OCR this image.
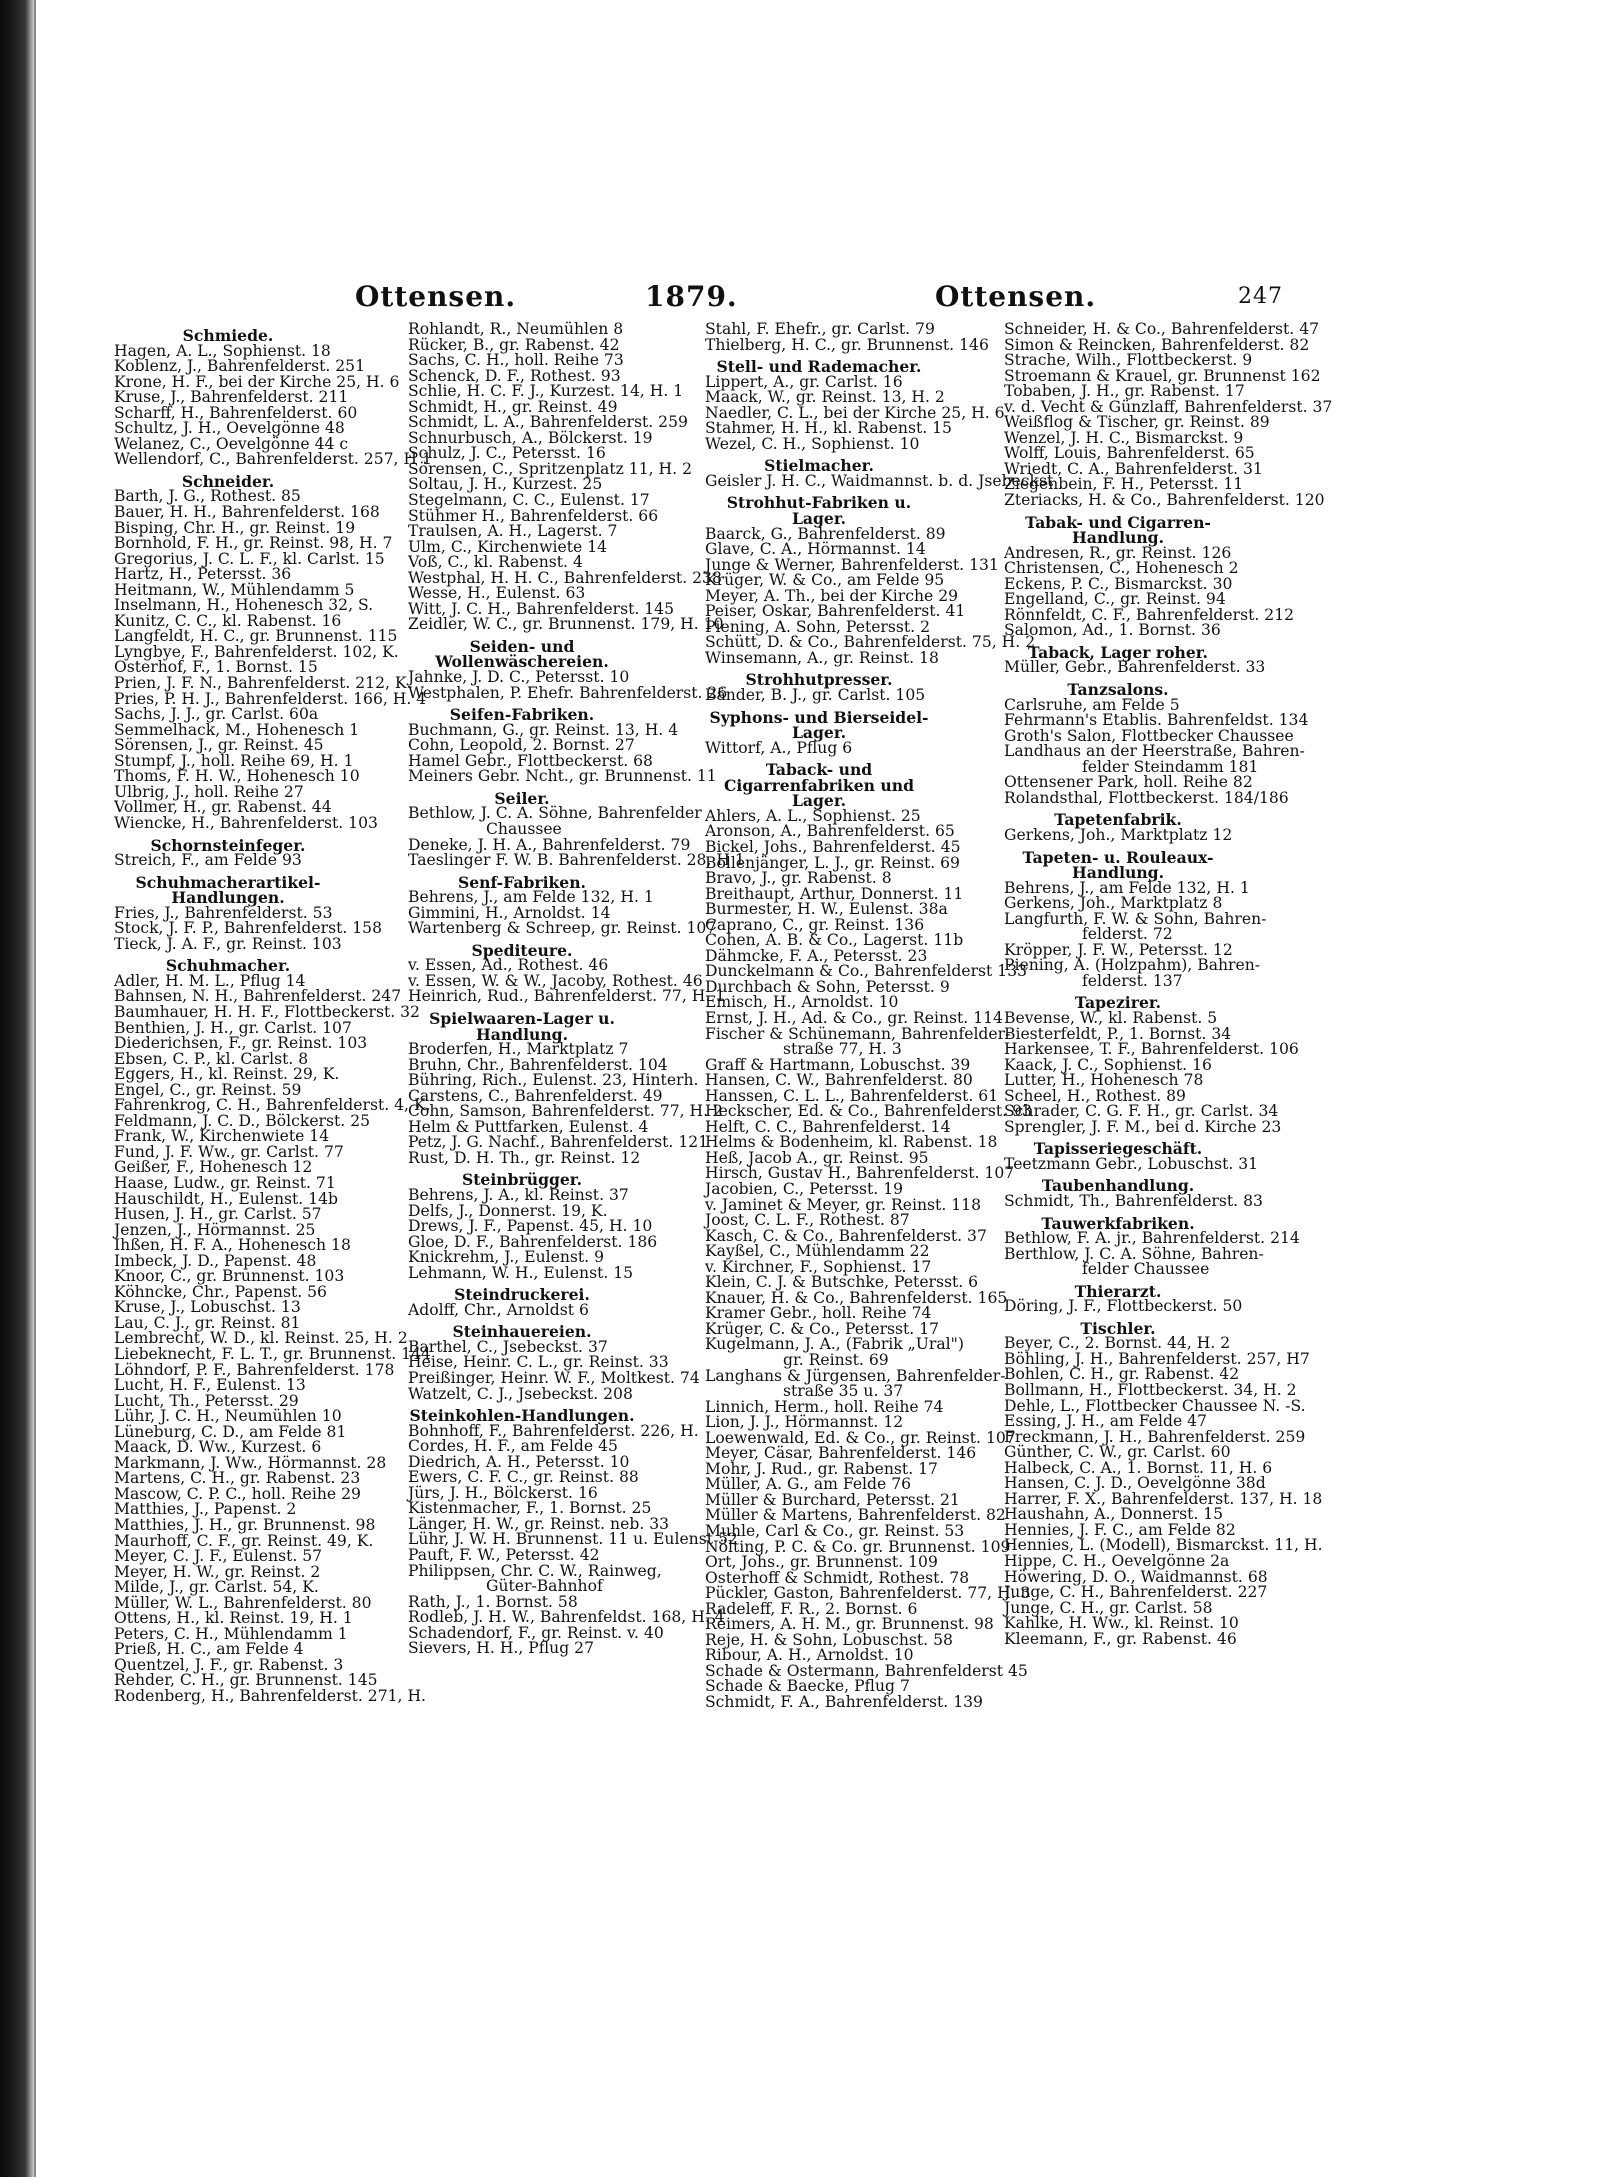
Ottensen.	1879.	Ottensen.	247
Schmiede.
Hagen, A. L., Sophienst. 18
Koblenz, J., Bahrenfelderst. 251
Krone, H. F., bei der Kirche 25, H. 6
Kruse, J., Bahrenfelderst. 211
Scharff, H., Bahrenfelderst. 60
Schultz, J. H., Oevelgönne 48
Welanez, C., Oevelgönne 44 c
Wellendorf, C., Bahrenfelderst. 257, H 1
Schneider.
Barth, J. G., Rothest. 85
Bauer, H. H., Bahrenfelderst. 168
Bisping, Chr. H., gr. Reinst. 19
Bornhold, F. H., gr. Reinst. 98, H. 7
Gregorius, J. C. L. F., kl. Carlst. 15
Hartz, H., Petersst. 36
Heitmann, W., Mühlendamm 5
Inselmann, H., Hohenesch 32, S.
Kunitz, C. C., kl. Rabenst. 16
Langfeldt, H. C., gr. Brunnenst. 115
Lyngbye, F., Bahrenfelderst. 102, K.
Osterhof, F., 1. Bornst. 15
Prien, J. F. N., Bahrenfelderst. 212, K.
Pries, P. H. J., Bahrenfelderst. 166, H. 4
Sachs, J. J., gr. Carlst. 60a
Semmelhack, M., Hohenesch 1
Sörensen, J., gr. Reinst. 45
Stumpf, J., holl. Reihe 69, H. 1
Thoms, F. H. W., Hohenesch 10
Ulbrig, J., holl. Reihe 27
Vollmer, H., gr. Rabenst. 44
Wiencke, H., Bahrenfelderst. 103
Schornsteinfeger.
Streich, F., am Felde 93
Schuhmacherartikel-Handlungen.
Fries, J., Bahrenfelderst. 53
Stock, J. F. P., Bahrenfelderst. 158
Tieck, J. A. F., gr. Reinst. 103
Schuhmacher.
Adler, H. M. L., Pflug 14
Bahnsen, N. H., Bahrenfelderst. 247
Baumhauer, H. H. F., Flottbeckerst. 32
Benthien, J. H., gr. Carlst. 107
Diederichsen, F., gr. Reinst. 103
Ebsen, C. P., kl. Carlst. 8
Eggers, H., kl. Reinst. 29, K.
Engel, C., gr. Reinst. 59
Fahrenkrog, C. H., Bahrenfelderst. 4, K.
Feldmann, J. C. D., Bölckerst. 25
Frank, W., Kirchenwiete 14
Fund, J. F. Ww., gr. Carlst. 77
Geißer, F., Hohenesch 12
Haase, Ludw., gr. Reinst. 71
Hauschildt, H., Eulenst. 14b
Husen, J. H., gr. Carlst. 57
Jenzen, J., Hörmannst. 25
Ihßen, H. F. A., Hohenesch 18
Imbeck, J. D., Papenst. 48
Knoor, C., gr. Brunnenst. 103
Köhncke, Chr., Papenst. 56
Kruse, J., Lobuschst. 13
Lau, C. J., gr. Reinst. 81
Lembrecht, W. D., kl. Reinst. 25, H. 2
Liebeknecht, F. L. T., gr. Brunnenst. 144
Löhndorf, P. F., Bahrenfelderst. 178
Lucht, H. F., Eulenst. 13
Lucht, Th., Petersst. 29
Lühr, J. C. H., Neumühlen 10
Lüneburg, C. D., am Felde 81
Maack, D. Ww., Kurzest. 6
Markmann, J. Ww., Hörmannst. 28
Martens, C. H., gr. Rabenst. 23
Mascow, C. P. C., holl. Reihe 29
Matthies, J., Papenst. 2
Matthies, J. H., gr. Brunnenst. 98
Maurhoff, C. F., gr. Reinst. 49, K.
Meyer, C. J. F., Eulenst. 57
Meyer, H. W., gr. Reinst. 2
Milde, J., gr. Carlst. 54, K.
Müller, W. L., Bahrenfelderst. 80
Ottens, H., kl. Reinst. 19, H. 1
Peters, C. H., Mühlendamm 1
Prieß, H. C., am Felde 4
Quentzel, J. F., gr. Rabenst. 3
Rehder, C. H., gr. Brunnenst. 145
Rodenberg, H., Bahrenfelderst. 271, H.
Rohlandt, R., Neumühlen 8
Rücker, B., gr. Rabenst. 42
Sachs, C. H., holl. Reihe 73
Schenck, D. F., Rothest. 93
Schlie, H. C. F. J., Kurzest. 14, H. 1
Schmidt, H., gr. Reinst. 49
Schmidt, L. A., Bahrenfelderst. 259
Schnurbusch, A., Bölckerst. 19
Schulz, J. C., Petersst. 16
Sörensen, C., Spritzenplatz 11, H. 2
Soltau, J. H., Kurzest. 25
Stegelmann, C. C., Eulenst. 17
Stühmer H., Bahrenfelderst. 66
Traulsen, A. H., Lagerst. 7
Ulm, C., Kirchenwiete 14
Voß, C., kl. Rabenst. 4
Westphal, H. H. C., Bahrenfelderst. 238
Wesse, H., Eulenst. 63
Witt, J. C. H., Bahrenfelderst. 145
Zeidler, W. C., gr. Brunnenst. 179, H. 10
Seiden- und Wollenwäschereien.
Jahnke, J. D. C., Petersst. 10
Westphalen, P. Ehefr. Bahrenfelderst. 26
Seifen-Fabriken.
Buchmann, G., gr. Reinst. 13, H. 4
Cohn, Leopold, 2. Bornst. 27
Hamel Gebr., Flottbeckerst. 68
Meiners Gebr. Ncht., gr. Brunnenst. 11
Seiler.
Bethlow, J. C. A. Söhne, Bahrenfelder
Chaussee
Deneke, J. H. A., Bahrenfelderst. 79
Taeslinger F. W. B. Bahrenfelderst. 28, H 1
Senf-Fabriken.
Behrens, J., am Felde 132, H. 1
Gimmini, H., Arnoldst. 14
Wartenberg & Schreep, gr. Reinst. 107
Spediteure.
v. Essen, Ad., Rothest. 46
v. Essen, W. & W., Jacoby, Rothest. 46
Heinrich, Rud., Bahrenfelderst. 77, H. 1
Spielwaaren-Lager u. Handlung.
Broderfen, H., Marktplatz 7
Bruhn, Chr., Bahrenfelderst. 104
Bühring, Rich., Eulenst. 23, Hinterh.
Carstens, C., Bahrenfelderst. 49
Cohn, Samson, Bahrenfelderst. 77, H. 2
Helm & Puttfarken, Eulenst. 4
Petz, J. G. Nachf., Bahrenfelderst. 121
Rust, D. H. Th., gr. Reinst. 12
Steinbrügger.
Behrens, J. A., kl. Reinst. 37
Delfs, J., Donnerst. 19, K.
Drews, J. F., Papenst. 45, H. 10
Gloe, D. F., Bahrenfelderst. 186
Knickrehm, J., Eulenst. 9
Lehmann, W. H., Eulenst. 15
Steindruckerei.
Adolff, Chr., Arnoldst 6
Steinhauereien.
Barthel, C., Jsebeckst. 37
Heise, Heinr. C. L., gr. Reinst. 33
Preißinger, Heinr. W. F., Moltkest. 74
Watzelt, C. J., Jsebeckst. 208
Steinkohlen-Handlungen.
Bohnhoff, F., Bahrenfelderst. 226, H.
Cordes, H. F., am Felde 45
Diedrich, A. H., Petersst. 10
Ewers, C. F. C., gr. Reinst. 88
Jürs, J. H., Bölckerst. 16
Kistenmacher, F., 1. Bornst. 25
Länger, H. W., gr. Reinst. neb. 33
Lühr, J. W. H. Brunnenst. 11 u. Eulenst 52
Pauft, F. W., Petersst. 42
Philippsen, Chr. C. W., Rainweg,
Güter-Bahnhof
Rath, J., 1. Bornst. 58
Rodleb, J. H. W., Bahrenfeldst. 168, H. 4
Schadendorf, F., gr. Reinst. v. 40
Sievers, H. H., Pflug 27
Stahl, F. Ehefr., gr. Carlst. 79
Thielberg, H. C., gr. Brunnenst. 146
Stell- und Rademacher.
Lippert, A., gr. Carlst. 16
Maack, W., gr. Reinst. 13, H. 2
Naedler, C. L., bei der Kirche 25, H. 6
Stahmer, H. H., kl. Rabenst. 15
Wezel, C. H., Sophienst. 10
Stielmacher.
Geisler J. H. C., Waidmannst. b. d. Jsebeckst
Strohhut-Fabriken u. Lager.
Baarck, G., Bahrenfelderst. 89
Glave, C. A., Hörmannst. 14
Junge & Werner, Bahrenfelderst. 131
Krüger, W. & Co., am Felde 95
Meyer, A. Th., bei der Kirche 29
Peiser, Oskar, Bahrenfelderst. 41
Piening, A. Sohn, Petersst. 2
Schütt, D. & Co., Bahrenfelderst. 75, H. 2
Winsemann, A., gr. Reinst. 18
Strohhutpresser.
Bänder, B. J., gr. Carlst. 105
Syphons- und Bierseidel-Lager.
Wittorf, A., Pflug 6
Taback- und Cigarrenfabriken und Lager.
Ahlers, A. L., Sophienst. 25
Aronson, A., Bahrenfelderst. 65
Bickel, Johs., Bahrenfelderst. 45
Bollenjänger, L. J., gr. Reinst. 69
Bravo, J., gr. Rabenst. 8
Breithaupt, Arthur, Donnerst. 11
Burmester, H. W., Eulenst. 38a
Caprano, C., gr. Reinst. 136
Cohen, A. B. & Co., Lagerst. 11b
Dähmcke, F. A., Petersst. 23
Dunckelmann & Co., Bahrenfelderst 133
Durchbach & Sohn, Petersst. 9
Emisch, H., Arnoldst. 10
Ernst, J. H., Ad. & Co., gr. Reinst. 114
Fischer & Schünemann, Bahrenfelder-
straße 77, H. 3
Graff & Hartmann, Lobuschst. 39
Hansen, C. W., Bahrenfelderst. 80
Hanssen, C. L. L., Bahrenfelderst. 61
Heckscher, Ed. & Co., Bahrenfelderst. 93
Helft, C. C., Bahrenfelderst. 14
Helms & Bodenheim, kl. Rabenst. 18
Heß, Jacob A., gr. Reinst. 95
Hirsch, Gustav H., Bahrenfelderst. 107
Jacobien, C., Petersst. 19
v. Jaminet & Meyer, gr. Reinst. 118
Joost, C. L. F., Rothest. 87
Kasch, C. & Co., Bahrenfelderst. 37
Kayßel, C., Mühlendamm 22
v. Kirchner, F., Sophienst. 17
Klein, C. J. & Butschke, Petersst. 6
Knauer, H. & Co., Bahrenfelderst. 165
Kramer Gebr., holl. Reihe 74
Krüger, C. & Co., Petersst. 17
Kugelmann, J. A., (Fabrik „Ural")
gr. Reinst. 69
Langhans & Jürgensen, Bahrenfelder-
straße 35 u. 37
Linnich, Herm., holl. Reihe 74
Lion, J. J., Hörmannst. 12
Loewenwald, Ed. & Co., gr. Reinst. 107
Meyer, Cäsar, Bahrenfelderst. 146
Mohr, J. Rud., gr. Rabenst. 17
Müller, A. G., am Felde 76
Müller & Burchard, Petersst. 21
Müller & Martens, Bahrenfelderst. 82
Muhle, Carl & Co., gr. Reinst. 53
Nölting, P. C. & Co. gr. Brunnenst. 109
Ort, Johs., gr. Brunnenst. 109
Osterhoff & Schmidt, Rothest. 78
Pückler, Gaston, Bahrenfelderst. 77, H. 3
Radeleff, F. R., 2. Bornst. 6
Reimers, A. H. M., gr. Brunnenst. 98
Reje, H. & Sohn, Lobuschst. 58
Ribour, A. H., Arnoldst. 10
Schade & Ostermann, Bahrenfelderst 45
Schade & Baecke, Pflug 7
Schmidt, F. A., Bahrenfelderst. 139
Schneider, H. & Co., Bahrenfelderst. 47
Simon & Reincken, Bahrenfelderst. 82
Strache, Wilh., Flottbeckerst. 9
Stroemann & Krauel, gr. Brunnenst 162
Tobaben, J. H., gr. Rabenst. 17
v. d. Vecht & Günzlaff, Bahrenfelderst. 37
Weißflog & Tischer, gr. Reinst. 89
Wenzel, J. H. C., Bismarckst. 9
Wolff, Louis, Bahrenfelderst. 65
Wriedt, C. A., Bahrenfelderst. 31
Ziegenbein, F. H., Petersst. 11
Zteriacks, H. & Co., Bahrenfelderst. 120
Tabak- und Cigarren-Handlung.
Andresen, R., gr. Reinst. 126
Christensen, C., Hohenesch 2
Eckens, P. C., Bismarckst. 30
Engelland, C., gr. Reinst. 94
Rönnfeldt, C. F., Bahrenfelderst. 212
Salomon, Ad., 1. Bornst. 36
Taback, Lager roher.
Müller, Gebr., Bahrenfelderst. 33
Tanzsalons.
Carlsruhe, am Felde 5
Fehrmann's Etablis. Bahrenfeldst. 134
Groth's Salon, Flottbecker Chaussee
Landhaus an der Heerstraße, Bahren-
felder Steindamm 181
Ottensener Park, holl. Reihe 82
Rolandsthal, Flottbeckerst. 184/186
Tapetenfabrik.
Gerkens, Joh., Marktplatz 12
Tapeten- u. Rouleaux-Handlung.
Behrens, J., am Felde 132, H. 1
Gerkens, Joh., Marktplatz 8
Langfurth, F. W. & Sohn, Bahren-
felderst. 72
Kröpper, J. F. W., Petersst. 12
Piening, A. (Holzpahm), Bahren-
felderst. 137
Tapezirer.
Bevense, W., kl. Rabenst. 5
Biesterfeldt, P., 1. Bornst. 34
Harkensee, T. F., Bahrenfelderst. 106
Kaack, J. C., Sophienst. 16
Lutter, H., Hohenesch 78
Scheel, H., Rothest. 89
Schrader, C. G. F. H., gr. Carlst. 34
Sprengler, J. F. M., bei d. Kirche 23
Tapisseriegeschäft.
Teetzmann Gebr., Lobuschst. 31
Taubenhandlung.
Schmidt, Th., Bahrenfelderst. 83
Tauwerkfabriken.
Bethlow, F. A. jr., Bahrenfelderst. 214
Berthlow, J. C. A. Söhne, Bahren-
felder Chaussee
Thierarzt.
Döring, J. F., Flottbeckerst. 50
Tischler.
Beyer, C., 2. Bornst. 44, H. 2
Böhling, J. H., Bahrenfelderst. 257, H7
Bohlen, C. H., gr. Rabenst. 42
Bollmann, H., Flottbeckerst. 34, H. 2
Dehle, L., Flottbecker Chaussee N. -S.
Essing, J. H., am Felde 47
Freckmann, J. H., Bahrenfelderst. 259
Günther, C. W., gr. Carlst. 60
Halbeck, C. A., 1. Bornst. 11, H. 6
Hansen, C. J. D., Oevelgönne 38d
Harrer, F. X., Bahrenfelderst. 137, H. 18
Haushahn, A., Donnerst. 15
Hennies, J. F. C., am Felde 82
Hennies, L. (Modell), Bismarckst. 11, H.
Hippe, C. H., Oevelgönne 2a
Höwering, D. O., Waidmannst. 68
Junge, C. H., Bahrenfelderst. 227
Junge, C. H., gr. Carlst. 58
Kahlke, H. Ww., kl. Reinst. 10
Kleemann, F., gr. Rabenst. 46
